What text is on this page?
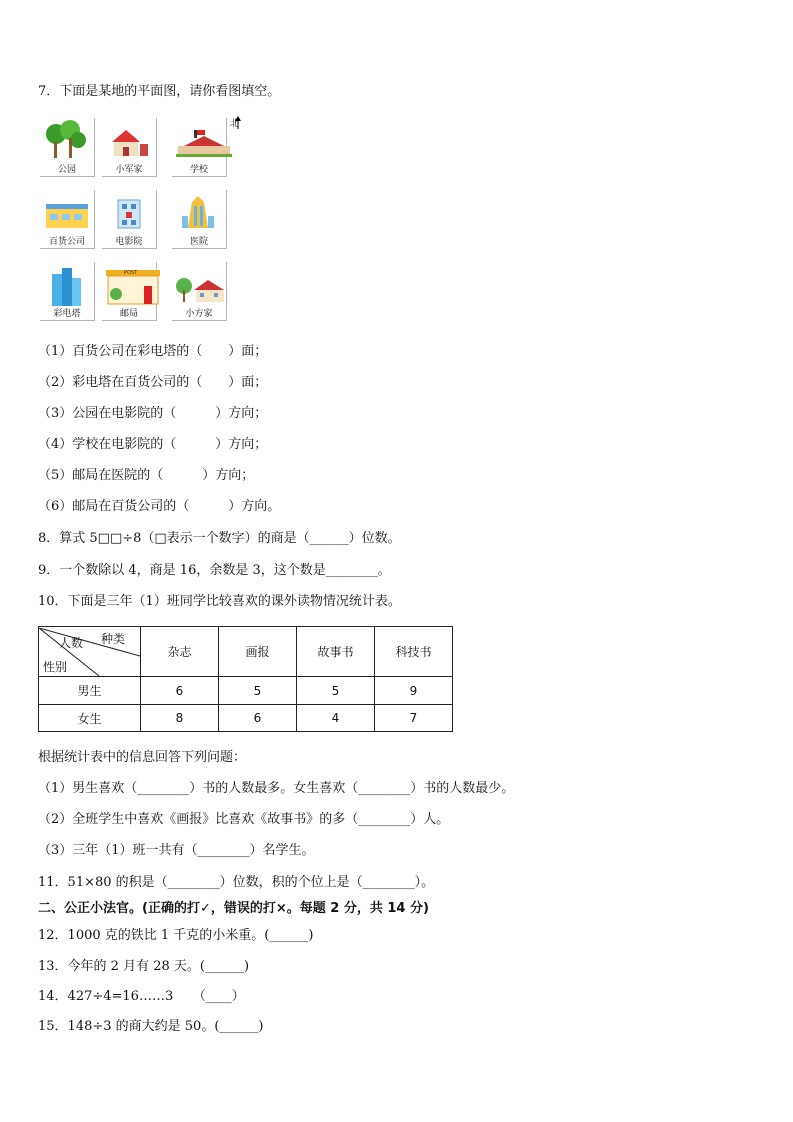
7．下面是某地的平面图，请你看图填空。
公园	小军家	学校
百货公司	电影院	医院
彩电塔
POST
邮局	小方家
北
（1）百货公司在彩电塔的（　　）面；
（2）彩电塔在百货公司的（　　）面；
（3）公园在电影院的（　　　）方向；
（4）学校在电影院的（　　　）方向；
（5）邮局在医院的（　　　）方向；
（6）邮局在百货公司的（　　　）方向。
8．算式 5□□÷8（□表示一个数字）的商是（______）位数。
9．一个数除以 4，商是 16，余数是 3，这个数是________。
10．下面是三年（1）班同学比较喜欢的课外读物情况统计表。
种类
人数
性别	杂志	画报	故事书	科技书
男生	6	5	5	9
女生	8	6	4	7
根据统计表中的信息回答下列问题：
（1）男生喜欢（________）书的人数最多。女生喜欢（________）书的人数最少。
（2）全班学生中喜欢《画报》比喜欢《故事书》的多（________）人。
（3）三年（1）班一共有（________）名学生。
11．51×80 的积是（________）位数，积的个位上是（________）。
二、公正小法官。(正确的打✓，错误的打×。每题 2 分，共 14 分)
12．1000 克的铁比 1 千克的小米重。(______)
13．今年的 2 月有 28 天。(______)
14．427÷4=16……3　　（____）
15．148÷3 的商大约是 50。(______)
